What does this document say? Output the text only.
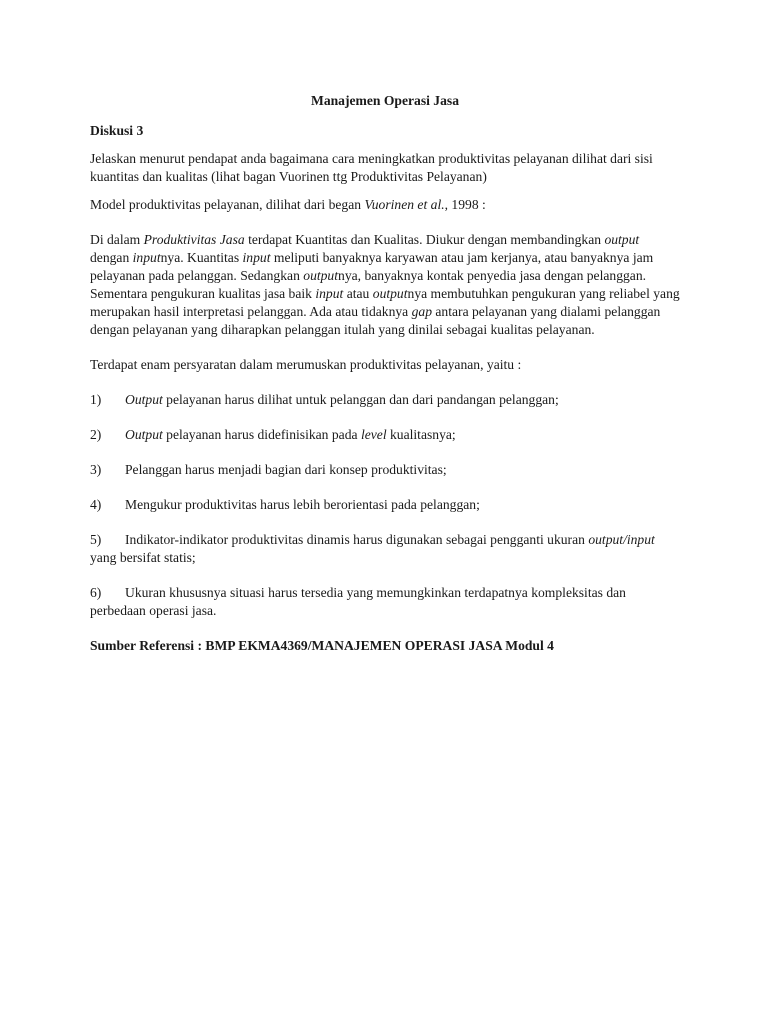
Manajemen Operasi Jasa
Diskusi 3

Jelaskan menurut pendapat anda bagaimana cara meningkatkan produktivitas pelayanan dilihat dari sisi kuantitas dan kualitas (lihat bagan Vuorinen ttg Produktivitas Pelayanan)

Model produktivitas pelayanan, dilihat dari began Vuorinen et al., 1998 :

Di dalam Produktivitas Jasa terdapat Kuantitas dan Kualitas. Diukur dengan membandingkan output dengan inputnya. Kuantitas input meliputi banyaknya karyawan atau jam kerjanya, atau banyaknya jam pelayanan pada pelanggan. Sedangkan outputnya, banyaknya kontak penyedia jasa dengan pelanggan. Sementara pengukuran kualitas jasa baik input atau outputnya membutuhkan pengukuran yang reliabel yang merupakan hasil interpretasi pelanggan. Ada atau tidaknya gap antara pelayanan yang dialami pelanggan dengan pelayanan yang diharapkan pelanggan itulah yang dinilai sebagai kualitas pelayanan.

Terdapat enam persyaratan dalam merumuskan produktivitas pelayanan, yaitu :

1)	Output pelayanan harus dilihat untuk pelanggan dan dari pandangan pelanggan;
2)	Output pelayanan harus didefinisikan pada level kualitasnya;
3)	Pelanggan harus menjadi bagian dari konsep produktivitas;
4)	Mengukur produktivitas harus lebih berorientasi pada pelanggan;
5) Indikator-indikator produktivitas dinamis harus digunakan sebagai pengganti ukuran output/input yang bersifat statis;
6) Ukuran khususnya situasi harus tersedia yang memungkinkan terdapatnya kompleksitas dan perbedaan operasi jasa.

Sumber Referensi : BMP EKMA4369/MANAJEMEN OPERASI JASA Modul 4
